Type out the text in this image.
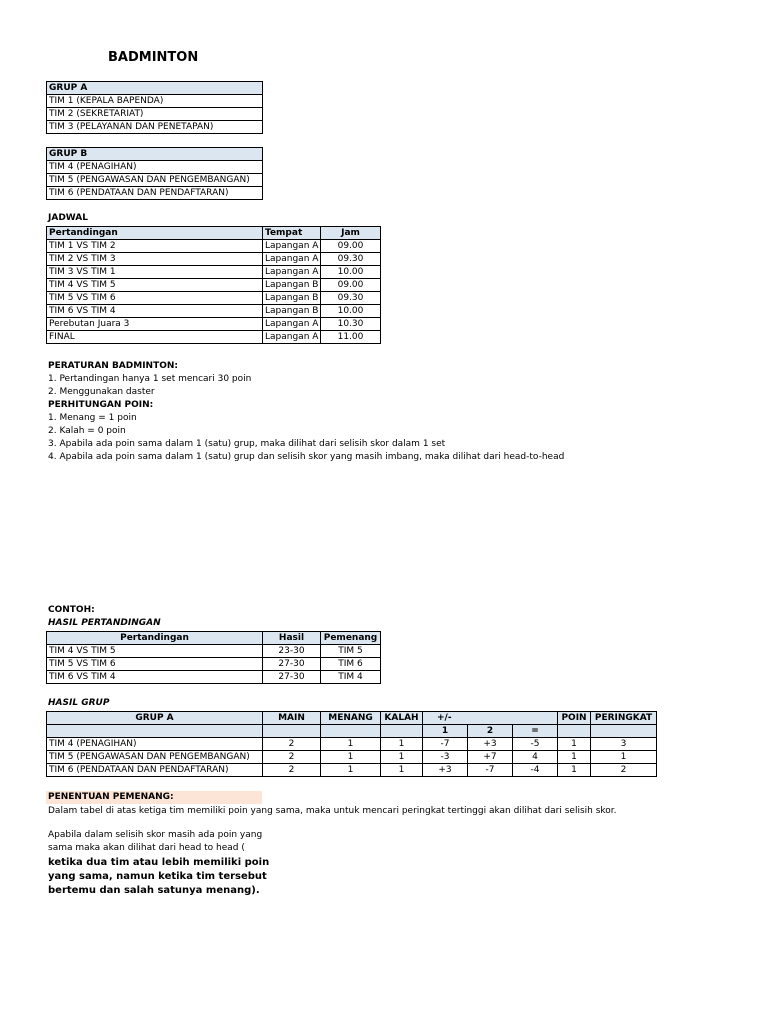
BADMINTON
GRUP A
TIM 1 (KEPALA BAPENDA)
TIM 2 (SEKRETARIAT)
TIM 3 (PELAYANAN DAN PENETAPAN)
GRUP B
TIM 4 (PENAGIHAN)
TIM 5 (PENGAWASAN DAN PENGEMBANGAN)
TIM 6 (PENDATAAN DAN PENDAFTARAN)
JADWAL
Pertandingan	Tempat	Jam
TIM 1 VS TIM 2	Lapangan A	09.00
TIM 2 VS TIM 3	Lapangan A	09.30
TIM 3 VS TIM 1	Lapangan A	10.00
TIM 4 VS TIM 5	Lapangan B	09.00
TIM 5 VS TIM 6	Lapangan B	09.30
TIM 6 VS TIM 4	Lapangan B	10.00
Perebutan Juara 3	Lapangan A	10.30
FINAL	Lapangan A	11.00
PERATURAN BADMINTON:
1. Pertandingan hanya 1 set mencari 30 poin
2. Menggunakan daster
PERHITUNGAN POIN:
1. Menang = 1 poin
2. Kalah = 0 poin
3. Apabila ada poin sama dalam 1 (satu) grup, maka dilihat dari selisih skor dalam 1 set
4. Apabila ada poin sama dalam 1 (satu) grup dan selisih skor yang masih imbang, maka dilihat dari head-to-head
CONTOH:
HASIL PERTANDINGAN
Pertandingan	Hasil	Pemenang
TIM 4 VS TIM 5	23-30	TIM 5
TIM 5 VS TIM 6	27-30	TIM 6
TIM 6 VS TIM 4	27-30	TIM 4
HASIL GRUP
GRUP A	MAIN	MENANG	KALAH	+/-			POIN	PERINGKAT
				1	2	=		
TIM 4 (PENAGIHAN)	2	1	1	-7	+3	-5	1	3
TIM 5 (PENGAWASAN DAN PENGEMBANGAN)	2	1	1	-3	+7	4	1	1
TIM 6 (PENDATAAN DAN PENDAFTARAN)	2	1	1	+3	-7	-4	1	2
PENENTUAN PEMENANG:
Dalam tabel di atas ketiga tim memiliki poin yang sama, maka untuk mencari peringkat tertinggi akan dilihat dari selisih skor.
Apabila dalam selisih skor masih ada poin yang
sama maka akan dilihat dari head to head (
ketika dua tim atau lebih memiliki poin
yang sama, namun ketika tim tersebut
bertemu dan salah satunya menang).
